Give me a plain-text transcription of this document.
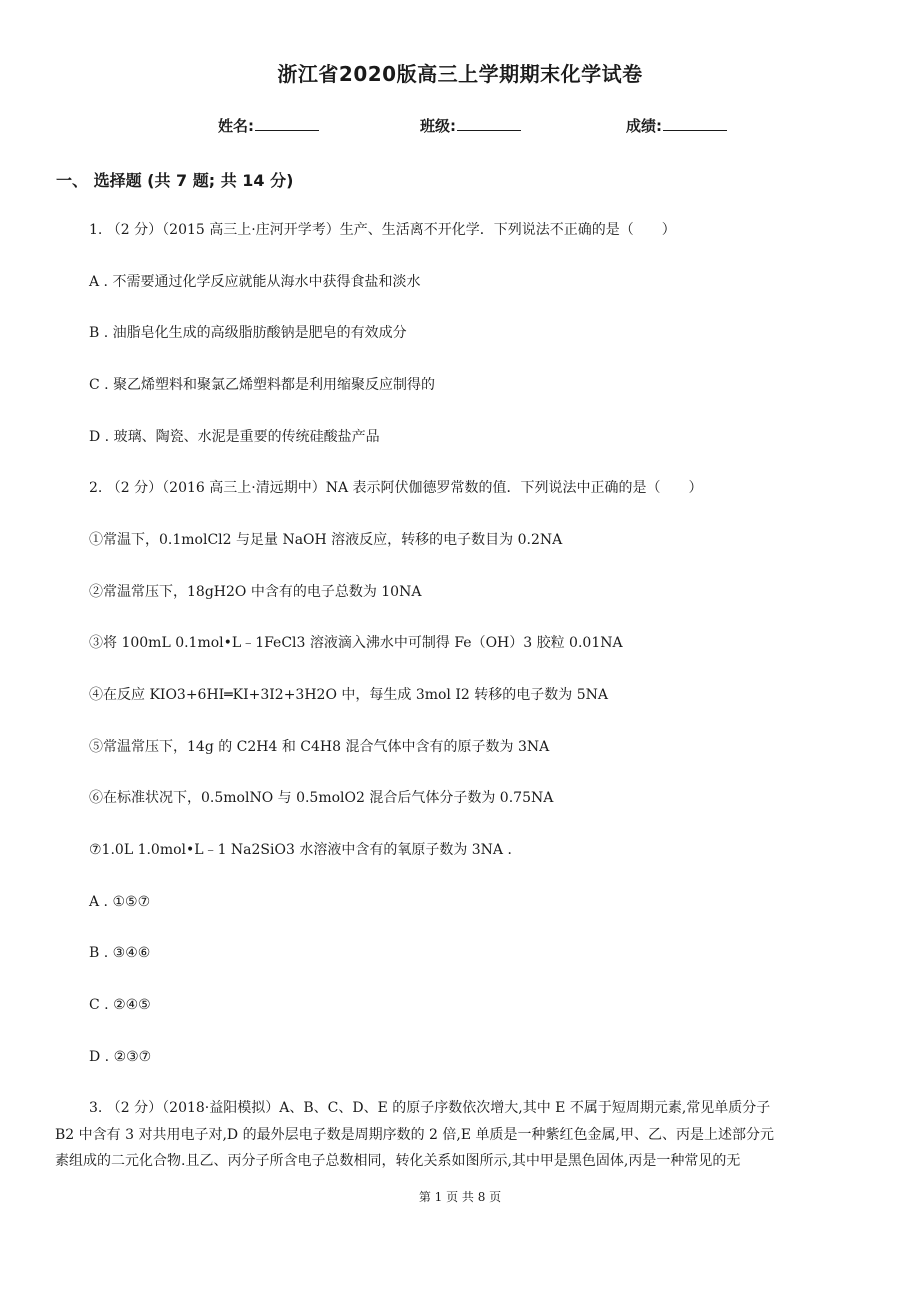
浙江省2020版高三上学期期末化学试卷
姓名:	班级:	成绩:
一、 选择题 (共 7 题; 共 14 分)
1. （2 分）（2015 高三上·庄河开学考）生产、生活离不开化学．下列说法不正确的是（　　）
A . 不需要通过化学反应就能从海水中获得食盐和淡水
B . 油脂皂化生成的高级脂肪酸钠是肥皂的有效成分
C . 聚乙烯塑料和聚氯乙烯塑料都是利用缩聚反应制得的
D . 玻璃、陶瓷、水泥是重要的传统硅酸盐产品
2. （2 分）（2016 高三上·清远期中）NA 表示阿伏伽德罗常数的值．下列说法中正确的是（　　）
①常温下，0.1molCl2 与足量 NaOH 溶液反应，转移的电子数目为 0.2NA
②常温常压下，18gH2O 中含有的电子总数为 10NA
③将 100mL 0.1mol•L﹣1FeCl3 溶液滴入沸水中可制得 Fe（OH）3 胶粒 0.01NA
④在反应 KIO3+6HI═KI+3I2+3H2O 中，每生成 3mol I2 转移的电子数为 5NA
⑤常温常压下，14g 的 C2H4 和 C4H8 混合气体中含有的原子数为 3NA
⑥在标准状况下，0.5molNO 与 0.5molO2 混合后气体分子数为 0.75NA
⑦1.0L 1.0mol•L﹣1 Na2SiO3 水溶液中含有的氧原子数为 3NA ．
A . ①⑤⑦
B . ③④⑥
C . ②④⑤
D . ②③⑦
3. （2 分）（2018·益阳模拟）A、B、C、D、E 的原子序数依次增大,其中 E 不属于短周期元素,常见单质分子
B2 中含有 3 对共用电子对,D 的最外层电子数是周期序数的 2 倍,E 单质是一种紫红色金属,甲、乙、丙是上述部分元
素组成的二元化合物.且乙、丙分子所含电子总数相同，转化关系如图所示,其中甲是黑色固体,丙是一种常见的无
第 1 页 共 8 页
